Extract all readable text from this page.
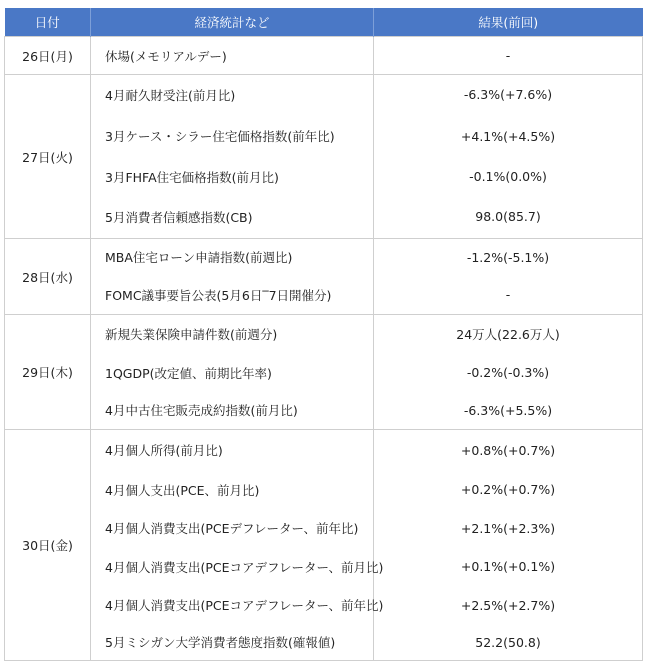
日付	経済統計など	結果(前回)
26日(月)	休場(メモリアルデー)	-
27日(火)	4月耐久財受注(前月比)	-6.3%(+7.6%)
	3月ケース・シラー住宅価格指数(前年比)	+4.1%(+4.5%)
	3月FHFA住宅価格指数(前月比)	-0.1%(0.0%)
	5月消費者信頼感指数(CB)	98.0(85.7)
28日(水)	MBA住宅ローン申請指数(前週比)	-1.2%(-5.1%)
	FOMC議事要旨公表(5月6日‾7日開催分)	-
29日(木)	新規失業保険申請件数(前週分)	24万人(22.6万人)
	1QGDP(改定値、前期比年率)	-0.2%(-0.3%)
	4月中古住宅販売成約指数(前月比)	-6.3%(+5.5%)
30日(金)	4月個人所得(前月比)	+0.8%(+0.7%)
	4月個人支出(PCE、前月比)	+0.2%(+0.7%)
	4月個人消費支出(PCEデフレーター、前年比)	+2.1%(+2.3%)
	4月個人消費支出(PCEコアデフレーター、前月比)	+0.1%(+0.1%)
	4月個人消費支出(PCEコアデフレーター、前年比)	+2.5%(+2.7%)
	5月ミシガン大学消費者態度指数(確報値)	52.2(50.8)
